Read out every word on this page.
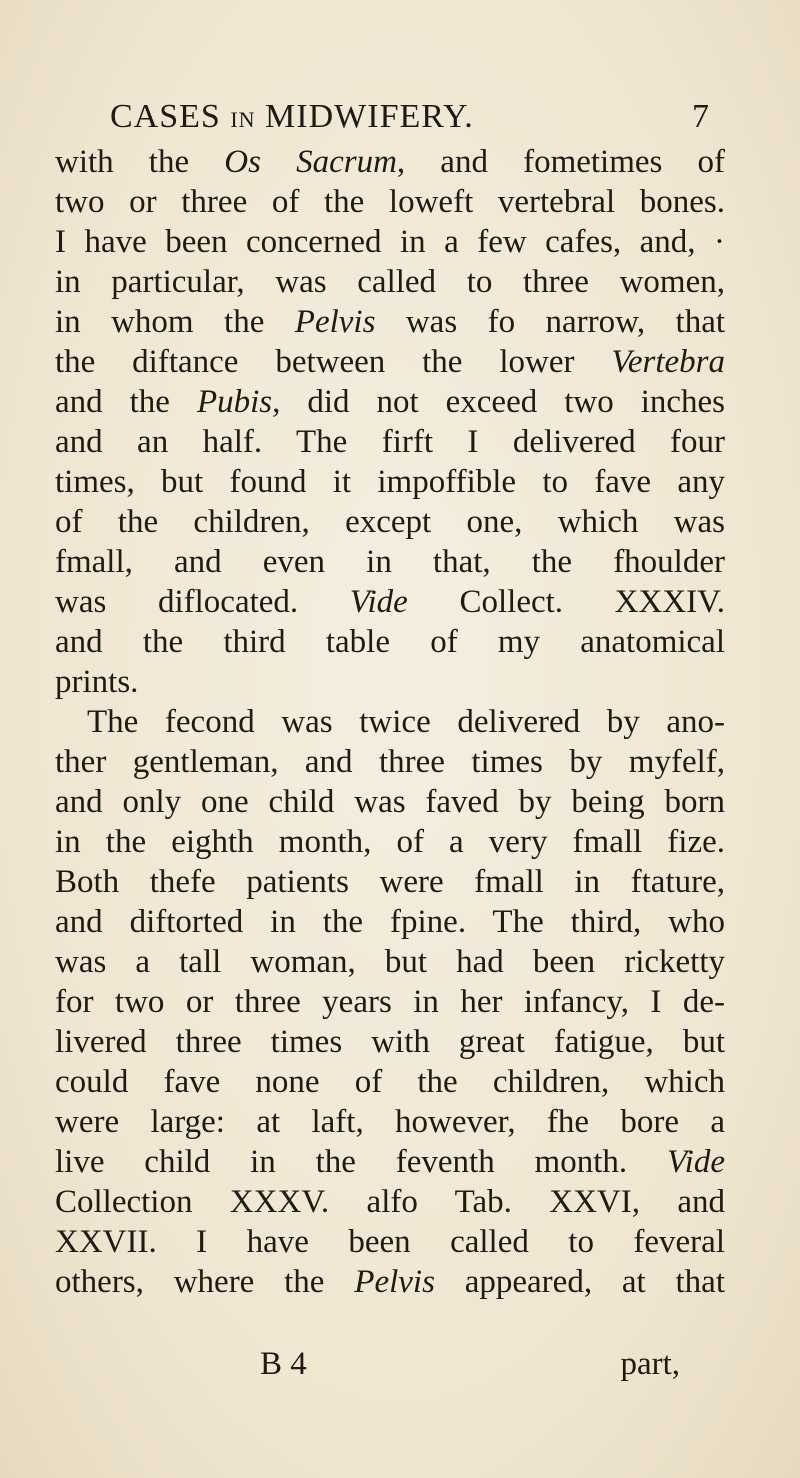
CASES IN MIDWIFERY.	7
with the Os Sacrum, and fometimes of
two or three of the loweft vertebral bones.
I have been concerned in a few cafes, and, ·
in particular, was called to three women,
in whom the Pelvis was fo narrow, that
the diftance between the lower Vertebra
and the Pubis, did not exceed two inches
and an half. The firft I delivered four
times, but found it impoffible to fave any
of the children, except one, which was
fmall, and even in that, the fhoulder
was diflocated. Vide Collect. XXXIV.
and the third table of my anatomical
prints.
The fecond was twice delivered by ano-
ther gentleman, and three times by myfelf,
and only one child was faved by being born
in the eighth month, of a very fmall fize.
Both thefe patients were fmall in ftature,
and diftorted in the fpine. The third, who
was a tall woman, but had been ricketty
for two or three years in her infancy, I de-
livered three times with great fatigue, but
could fave none of the children, which
were large: at laft, however, fhe bore a
live child in the feventh month. Vide
Collection XXXV. alfo Tab. XXVI, and
XXVII. I have been called to feveral
others, where the Pelvis appeared, at that
B 4	part,
